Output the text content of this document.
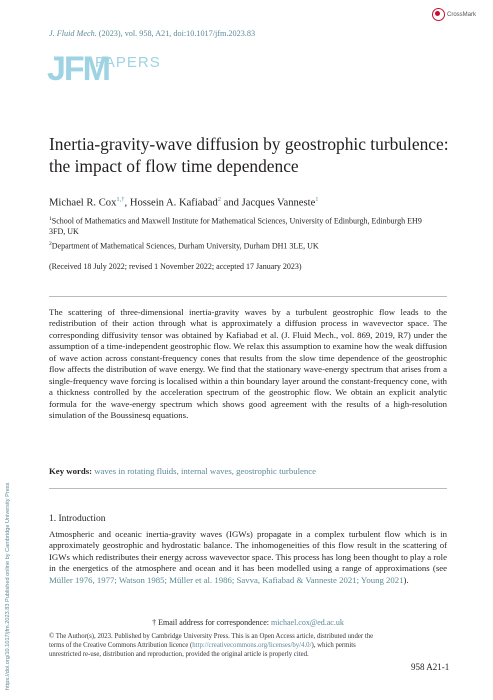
https://doi.org/10.1017/jfm.2023.83 Published online by Cambridge University Press
J. Fluid Mech. (2023), vol. 958, A21, doi:10.1017/jfm.2023.83
CrossMark
JFM
PAPERS
Inertia-gravity-wave diffusion by geostrophic turbulence: the impact of flow time dependence
Michael R. Cox$^{1,\dagger}$, Hossein A. Kafiabad$^2$ and Jacques Vanneste$^1$
$^1$School of Mathematics and Maxwell Institute for Mathematical Sciences, University of Edinburgh, Edinburgh EH9 3FD, UK
$^2$Department of Mathematical Sciences, Durham University, Durham DH1 3LE, UK
(Received 18 July 2022; revised 1 November 2022; accepted 17 January 2023)
The scattering of three-dimensional inertia-gravity waves by a turbulent geostrophic flow leads to the redistribution of their action through what is approximately a diffusion process in wavevector space. The corresponding diffusivity tensor was obtained by Kafiabad et al. (J. Fluid Mech., vol. 869, 2019, R7) under the assumption of a time-independent geostrophic flow. We relax this assumption to examine how the weak diffusion of wave action across constant-frequency cones that results from the slow time dependence of the geostrophic flow affects the distribution of wave energy. We find that the stationary wave-energy spectrum that arises from a single-frequency wave forcing is localised within a thin boundary layer around the constant-frequency cone, with a thickness controlled by the acceleration spectrum of the geostrophic flow. We obtain an explicit analytic formula for the wave-energy spectrum which shows good agreement with the results of a high-resolution simulation of the Boussinesq equations.
Key words: waves in rotating fluids, internal waves, geostrophic turbulence
1. Introduction
Atmospheric and oceanic inertia-gravity waves (IGWs) propagate in a complex turbulent flow which is in approximately geostrophic and hydrostatic balance. The inhomogeneities of this flow result in the scattering of IGWs which redistributes their energy across wavevector space. This process has long been thought to play a role in the energetics of the atmosphere and ocean and it has been modelled using a range of approximations (see Müller 1976, 1977; Watson 1985; Müller et al. 1986; Savva, Kafiabad & Vanneste 2021; Young 2021).
† Email address for correspondence: michael.cox@ed.ac.uk
© The Author(s), 2023. Published by Cambridge University Press. This is an Open Access article, distributed under the terms of the Creative Commons Attribution licence (http://creativecommons.org/licenses/by/4.0/), which permits unrestricted re-use, distribution and reproduction, provided the original article is properly cited.
958 A21-1
